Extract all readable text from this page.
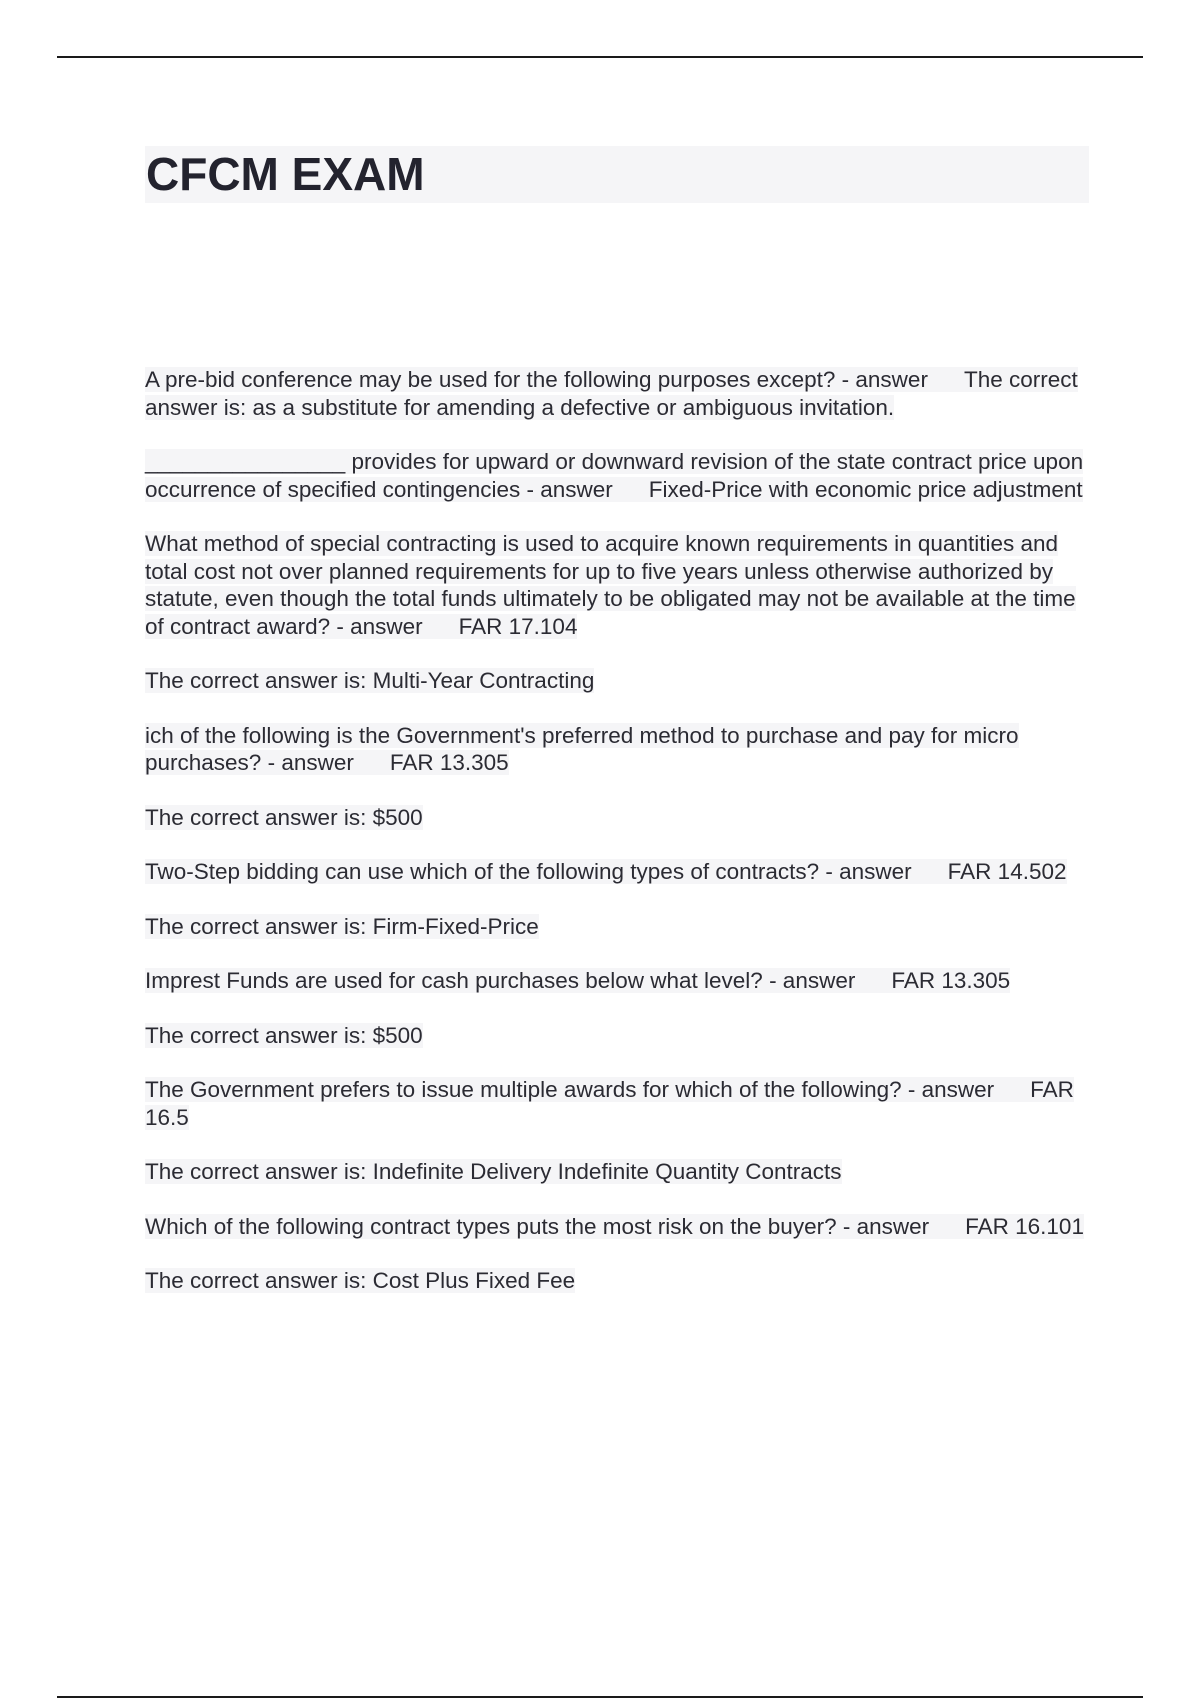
CFCM EXAM

A pre-bid conference may be used for the following purposes except? - answer The correct answer is: as a substitute for amending a defective or ambiguous invitation.

________________ provides for upward or downward revision of the state contract price upon occurrence of specified contingencies - answer Fixed-Price with economic price adjustment

What method of special contracting is used to acquire known requirements in quantities and total cost not over planned requirements for up to five years unless otherwise authorized by statute, even though the total funds ultimately to be obligated may not be available at the time of contract award? - answer FAR 17.104

The correct answer is: Multi-Year Contracting

ich of the following is the Government's preferred method to purchase and pay for micro purchases? - answer FAR 13.305

The correct answer is: $500

Two-Step bidding can use which of the following types of contracts? - answer FAR 14.502

The correct answer is: Firm-Fixed-Price

Imprest Funds are used for cash purchases below what level? - answer FAR 13.305

The correct answer is: $500

The Government prefers to issue multiple awards for which of the following? - answer FAR 16.5

The correct answer is: Indefinite Delivery Indefinite Quantity Contracts

Which of the following contract types puts the most risk on the buyer? - answer FAR 16.101

The correct answer is: Cost Plus Fixed Fee
